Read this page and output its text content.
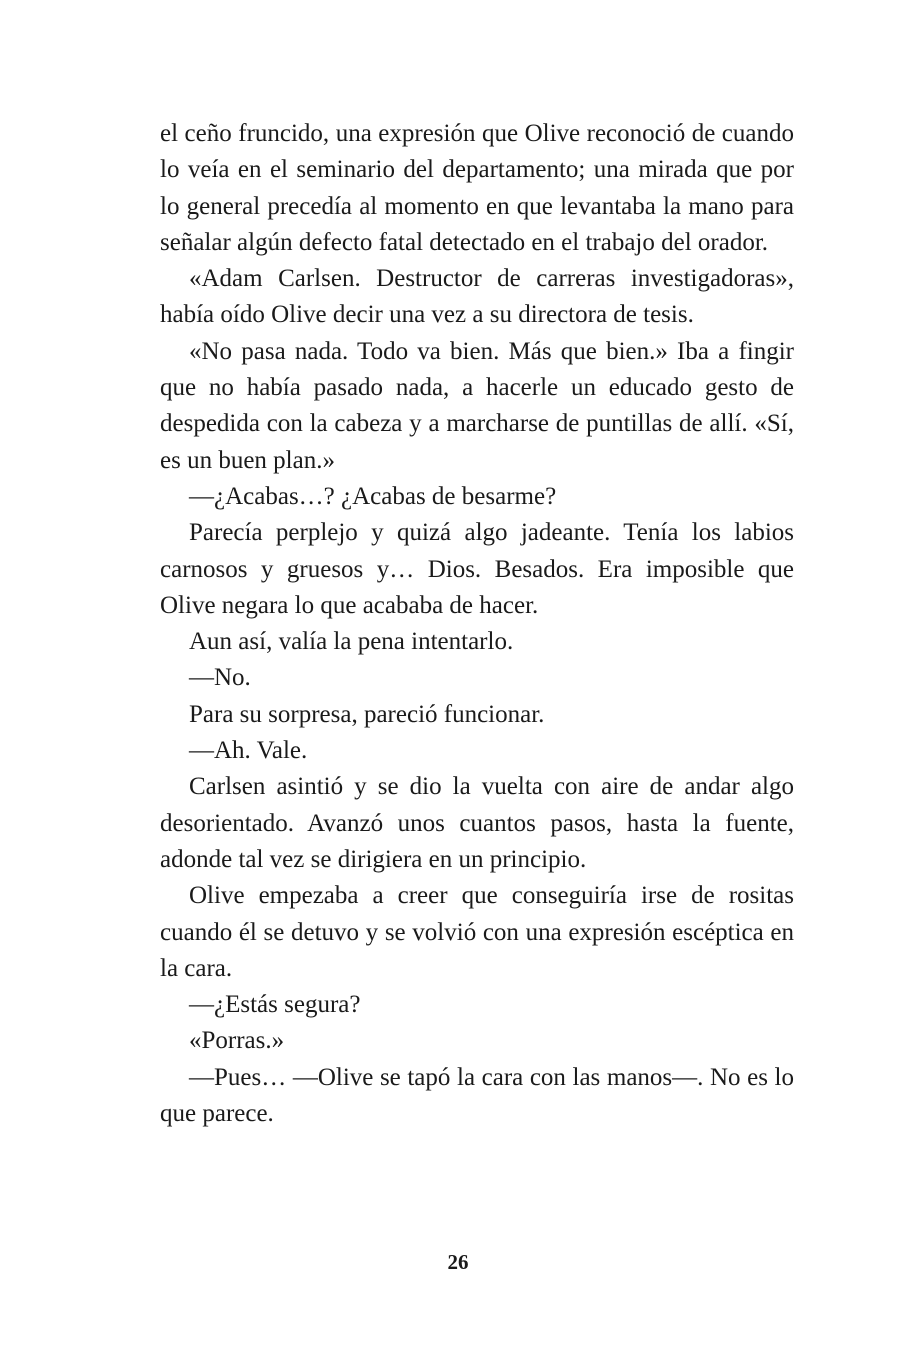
el ceño fruncido, una expresión que Olive reconoció de cuando lo veía en el seminario del departamento; una mirada que por lo general precedía al momento en que levantaba la mano para señalar algún defecto fatal detectado en el trabajo del orador.

«Adam Carlsen. Destructor de carreras investigadoras», había oído Olive decir una vez a su directora de tesis.

«No pasa nada. Todo va bien. Más que bien.» Iba a fingir que no había pasado nada, a hacerle un educado gesto de despedida con la cabeza y a marcharse de puntillas de allí. «Sí, es un buen plan.»

—¿Acabas…? ¿Acabas de besarme?

Parecía perplejo y quizá algo jadeante. Tenía los labios carnosos y gruesos y… Dios. Besados. Era imposible que Olive negara lo que acababa de hacer.

Aun así, valía la pena intentarlo.

—No.

Para su sorpresa, pareció funcionar.

—Ah. Vale.

Carlsen asintió y se dio la vuelta con aire de andar algo desorientado. Avanzó unos cuantos pasos, hasta la fuente, adonde tal vez se dirigiera en un principio.

Olive empezaba a creer que conseguiría irse de rositas cuando él se detuvo y se volvió con una expresión escéptica en la cara.

—¿Estás segura?

«Porras.»

—Pues… —Olive se tapó la cara con las manos—. No es lo que parece.

26
